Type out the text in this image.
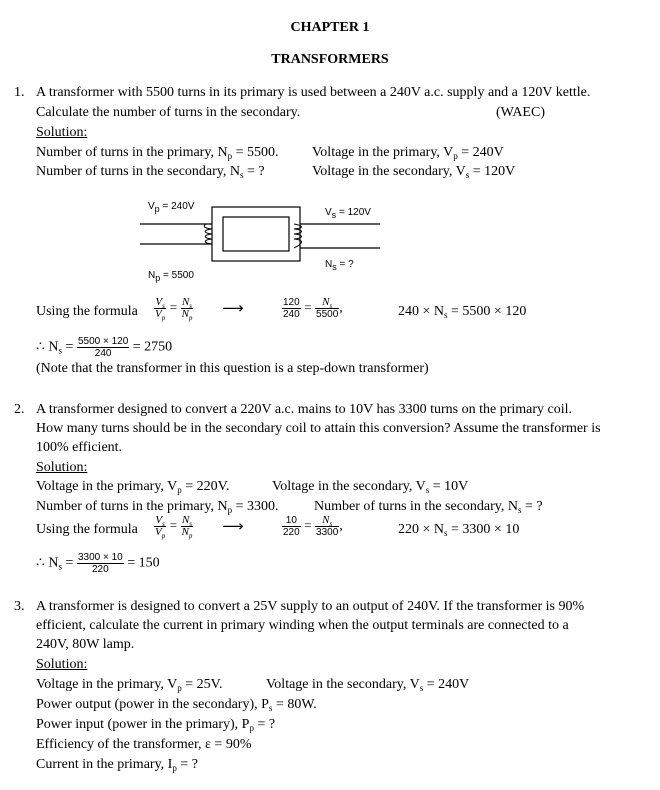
CHAPTER 1
TRANSFORMERS
1. A transformer with 5500 turns in its primary is used between a 240V a.c. supply and a 120V kettle.
Calculate the number of turns in the secondary.	(WAEC)
Solution:
Number of turns in the primary, $N_p = 5500$. Voltage in the primary, $V_p = 240V$
Number of turns in the secondary, $N_s$ = ?	Voltage in the secondary, $V_s = 120V$
$V_p = 240V$
$V_s = 120V$
$N_s$ = ?
$N_p = 5500$
Using the formula $\frac{V_s}{V_p} = \frac{N_s}{N_p}$ ⟶	$\frac{120}{240} = \frac{N_s}{5500}$ ,	$240 \times N_s = 5500 \times 120$
∴ $N_s = \frac{5500 \times 120}{240} = 2750$
(Note that the transformer in this question is a step-down transformer)
2. A transformer designed to convert a 220V a.c. mains to 10V has 3300 turns on the primary coil.
How many turns should be in the secondary coil to attain this conversion? Assume the transformer is
100% efficient.
Solution:
Voltage in the primary, $V_p = 220V$.	Voltage in the secondary, $V_s = 10V$
Number of turns in the primary, $N_p = 3300$.	Number of turns in the secondary, $N_s$ = ?
Using the formula $\frac{V_s}{V_p} = \frac{N_s}{N_p}$ ⟶	$\frac{10}{220} = \frac{N_s}{3300}$ ,	$220 \times N_s = 3300 \times 10$
∴ $N_s = \frac{3300 \times 10}{220} = 150$
3. A transformer is designed to convert a 25V supply to an output of 240V. If the transformer is 90%
efficient, calculate the current in primary winding when the output terminals are connected to a
240V, 80W lamp.
Solution:
Voltage in the primary, $V_p = 25V$.	Voltage in the secondary, $V_s = 240V$
Power output (power in the secondary), $P_s = 80W$.
Power input (power in the primary), $P_p$ = ?
Efficiency of the transformer, ε = 90%
Current in the primary, $I_p$ = ?
